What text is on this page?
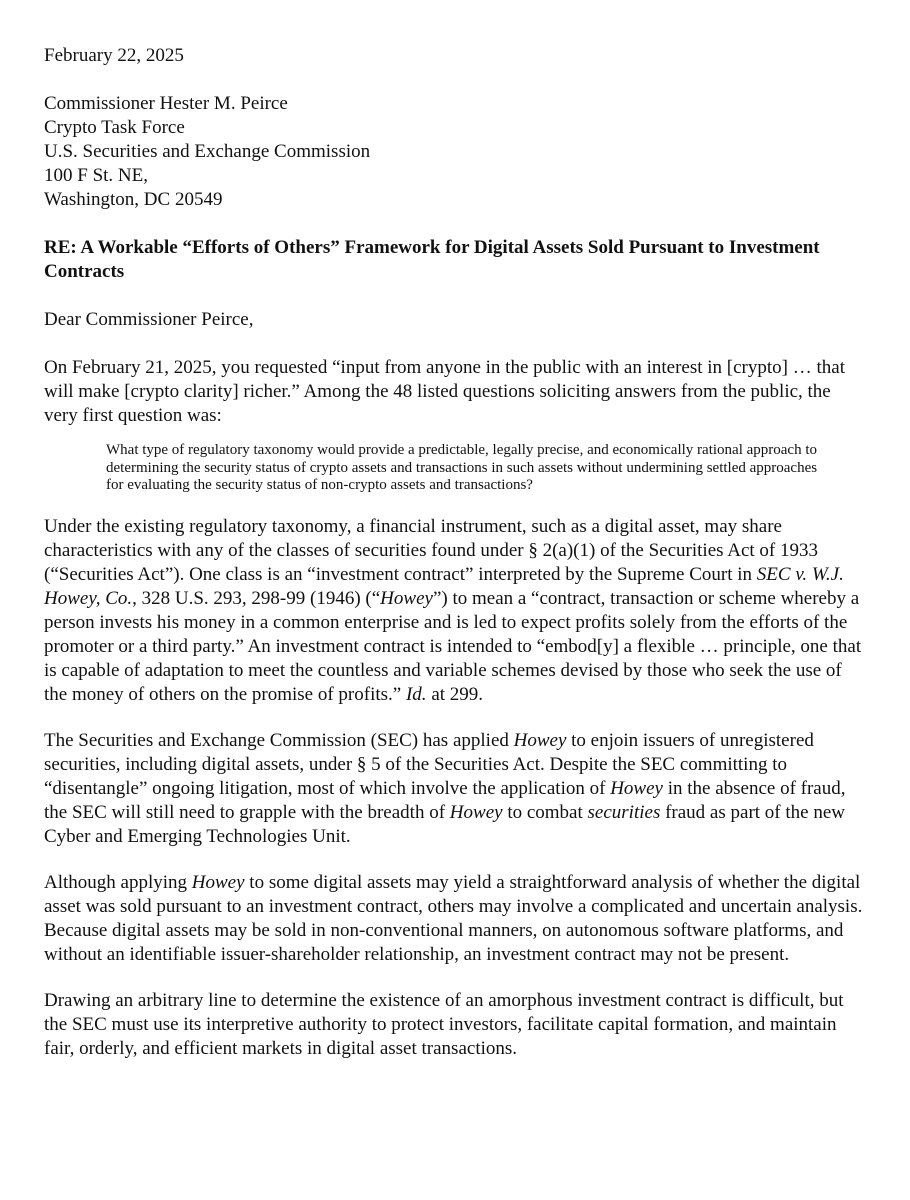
February 22, 2025
Commissioner Hester M. Peirce
Crypto Task Force
U.S. Securities and Exchange Commission
100 F St. NE,
Washington, DC 20549
RE: A Workable “Efforts of Others” Framework for Digital Assets Sold Pursuant to Investment Contracts
Dear Commissioner Peirce,

On February 21, 2025, you requested “input from anyone in the public with an interest in [crypto] … that will make [crypto clarity] richer.” Among the 48 listed questions soliciting answers from the public, the very first question was:

What type of regulatory taxonomy would provide a predictable, legally precise, and economically rational approach to determining the security status of crypto assets and transactions in such assets without undermining settled approaches for evaluating the security status of non-crypto assets and transactions?

Under the existing regulatory taxonomy, a financial instrument, such as a digital asset, may share characteristics with any of the classes of securities found under § 2(a)(1) of the Securities Act of 1933 (“Securities Act”). One class is an “investment contract” interpreted by the Supreme Court in SEC v. W.J. Howey, Co., 328 U.S. 293, 298-99 (1946) (“Howey”) to mean a “contract, transaction or scheme whereby a person invests his money in a common enterprise and is led to expect profits solely from the efforts of the promoter or a third party.” An investment contract is intended to “embod[y] a flexible … principle, one that is capable of adaptation to meet the countless and variable schemes devised by those who seek the use of the money of others on the promise of profits.” Id. at 299.

The Securities and Exchange Commission (SEC) has applied Howey to enjoin issuers of unregistered securities, including digital assets, under § 5 of the Securities Act. Despite the SEC committing to “disentangle” ongoing litigation, most of which involve the application of Howey in the absence of fraud, the SEC will still need to grapple with the breadth of Howey to combat securities fraud as part of the new Cyber and Emerging Technologies Unit.

Although applying Howey to some digital assets may yield a straightforward analysis of whether the digital asset was sold pursuant to an investment contract, others may involve a complicated and uncertain analysis. Because digital assets may be sold in non-conventional manners, on autonomous software platforms, and without an identifiable issuer-shareholder relationship, an investment contract may not be present.

Drawing an arbitrary line to determine the existence of an amorphous investment contract is difficult, but the SEC must use its interpretive authority to protect investors, facilitate capital formation, and maintain fair, orderly, and efficient markets in digital asset transactions.
